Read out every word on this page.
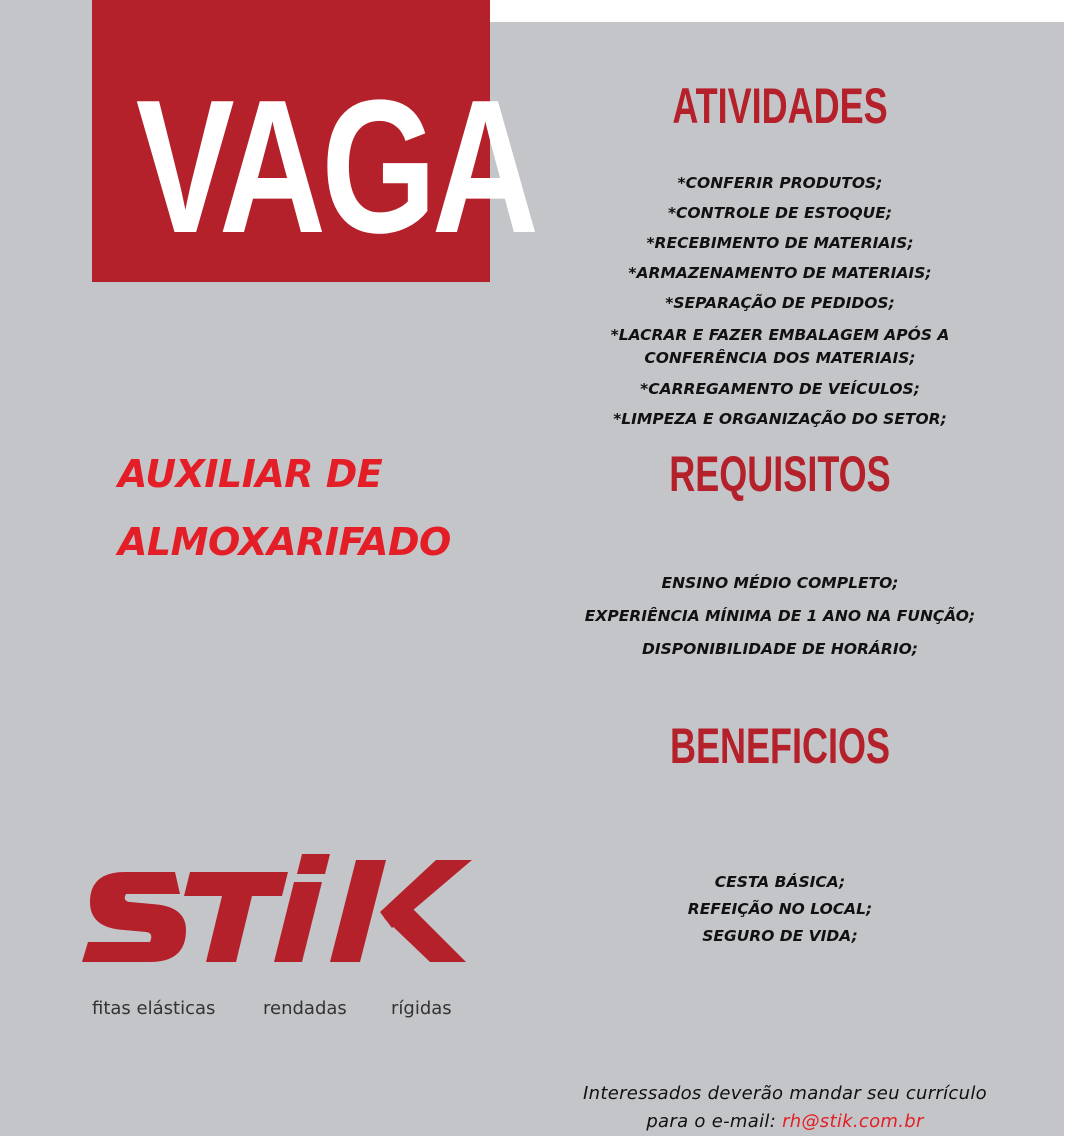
VAGA
AUXILIAR DE
ALMOXARIFADO
ATIVIDADES
*CONFERIR PRODUTOS;
*CONTROLE DE ESTOQUE;
*RECEBIMENTO DE MATERIAIS;
*ARMAZENAMENTO DE MATERIAIS;
*SEPARAÇÃO DE PEDIDOS;
*LACRAR E FAZER EMBALAGEM APÓS A
CONFERÊNCIA DOS MATERIAIS;
*CARREGAMENTO DE VEÍCULOS;
*LIMPEZA E ORGANIZAÇÃO DO SETOR;
REQUISITOS
ENSINO MÉDIO COMPLETO;
EXPERIÊNCIA MÍNIMA DE 1 ANO NA FUNÇÃO;
DISPONIBILIDADE DE HORÁRIO;
BENEFICIOS
CESTA BÁSICA;
REFEIÇÃO NO LOCAL;
SEGURO DE VIDA;
fitas elásticas	rendadas rígidas
Interessados deverão mandar seu currículo
para o e-mail: rh@stik.com.br
